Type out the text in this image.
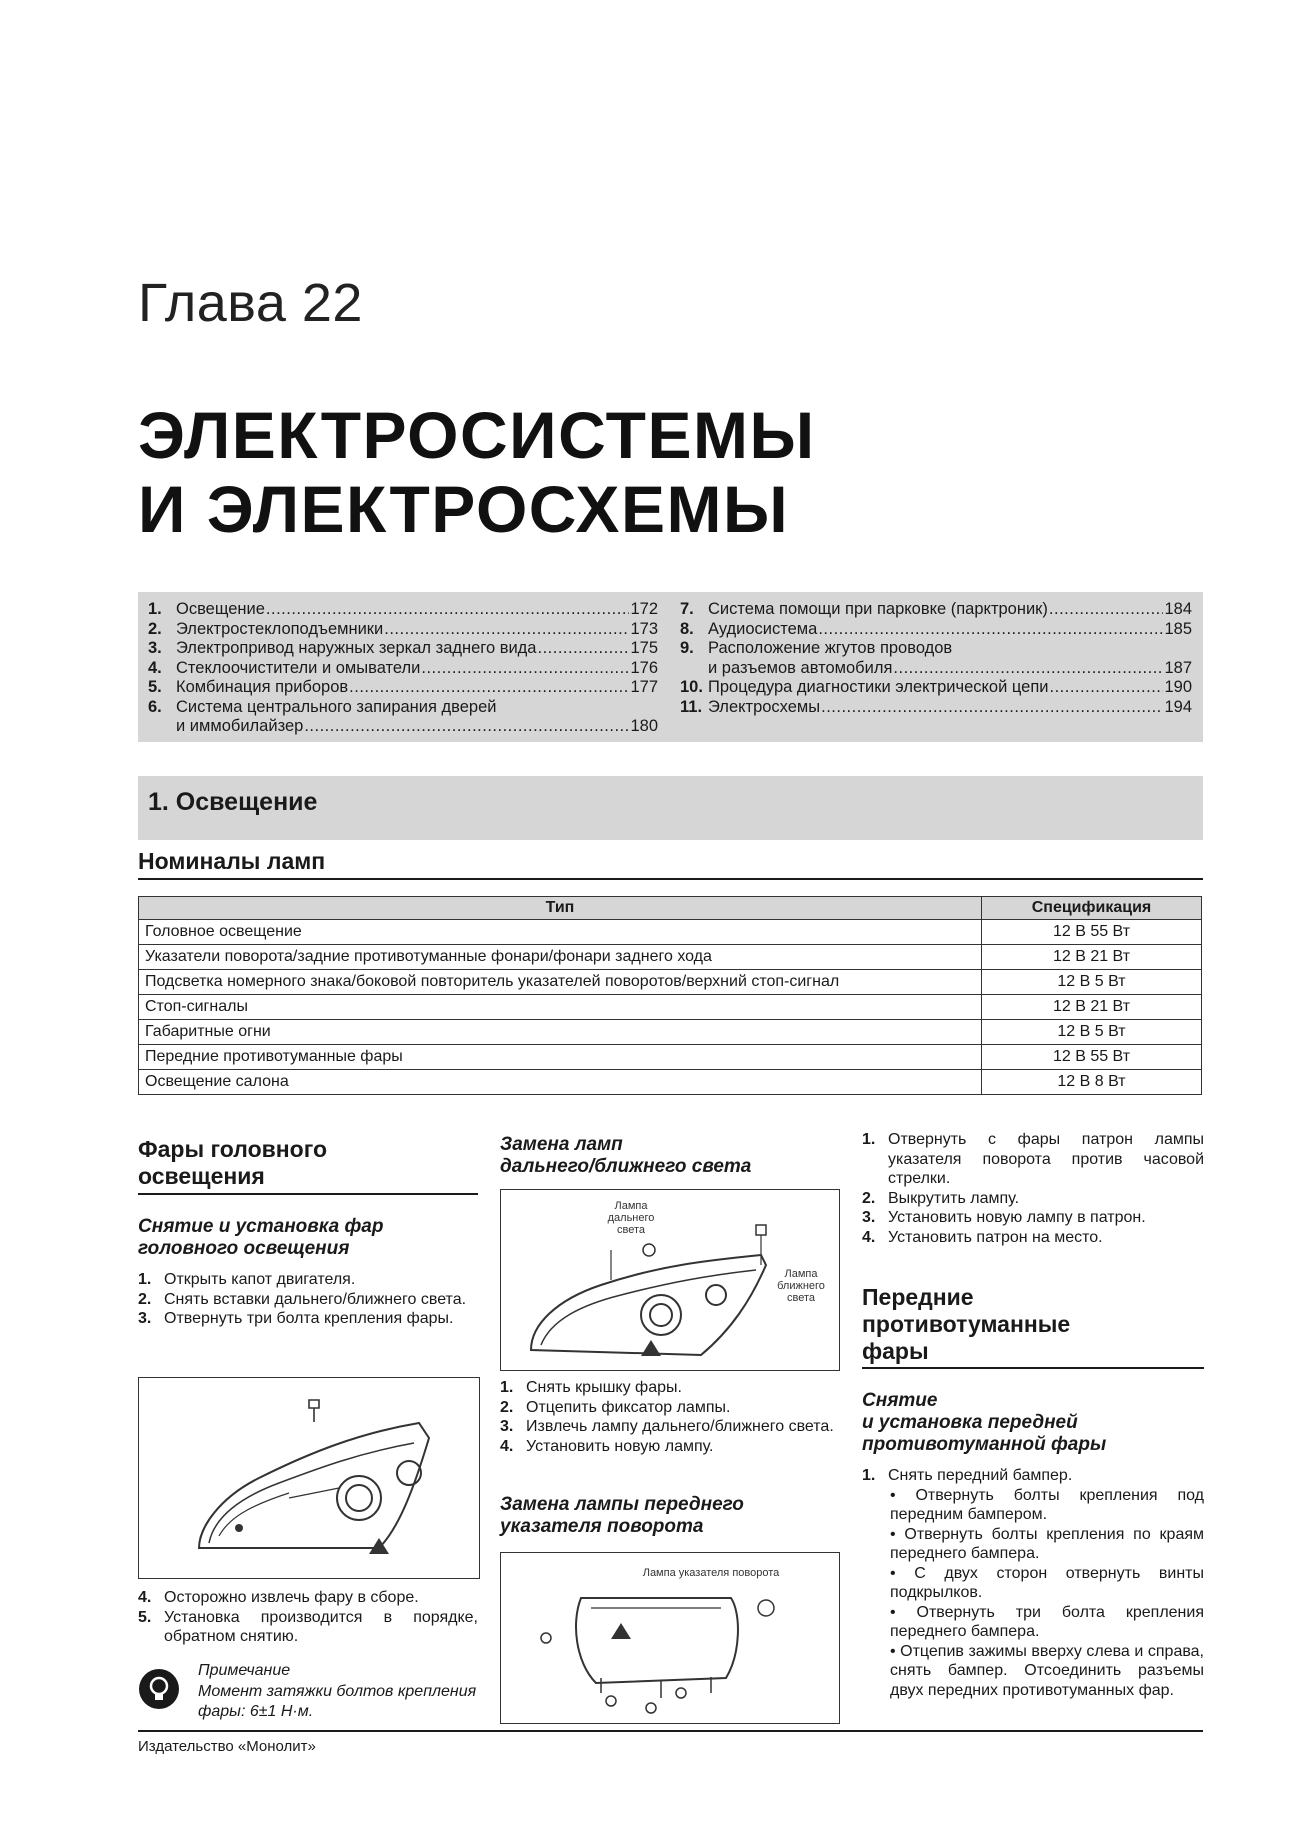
Глава 22
ЭЛЕКТРОСИСТЕМЫ
И ЭЛЕКТРОСХЕМЫ
1. Освещение .....	172
2. Электростеклоподъемники .....	173
3. Электропривод наружных зеркал заднего вида .....	175
4. Стеклоочистители и омыватели .....	176
5. Комбинация приборов .....	177
6. Система центрального запирания дверей
и иммобилайзер .....	180
7. Система помощи при парковке (парктроник) .....	184
8. Аудиосистема .....	185
9. Расположение жгутов проводов
и разъемов автомобиля .....	187
10. Процедура диагностики электрической цепи .....	190
11. Электросхемы .....	194
1. Освещение
Номиналы ламп
Тип	Спецификация
Головное освещение	12 В 55 Вт
Указатели поворота/задние противотуманные фонари/фонари заднего хода	12 В 21 Вт
Подсветка номерного знака/боковой повторитель указателей поворотов/верхний стоп-сигнал	12 В 5 Вт
Стоп-сигналы	12 В 21 Вт
Габаритные огни	12 В 5 Вт
Передние противотуманные фары	12 В 55 Вт
Освещение салона	12 В 8 Вт
Фары головного
освещения
Снятие и установка фар
головного освещения
1. Открыть капот двигателя.
2. Снять вставки дальнего/ближнего света.
3. Отвернуть три болта крепления фары.
4. Осторожно извлечь фару в сборе.
5. Установка производится в порядке, обратном снятию.
Примечание
Момент затяжки болтов крепления фары: 6±1 Н·м.
Замена ламп
дальнего/ближнего света
Лампа дальнего света
Лампа ближнего света
1. Снять крышку фары.
2. Отцепить фиксатор лампы.
3. Извлечь лампу дальнего/ближнего света.
4. Установить новую лампу.
Замена лампы переднего
указателя поворота
Лампа указателя поворота
1. Отвернуть с фары патрон лампы указателя поворота против часовой стрелки.
2. Выкрутить лампу.
3. Установить новую лампу в патрон.
4. Установить патрон на место.
Передние
противотуманные
фары
Снятие
и установка передней
противотуманной фары
1. Снять передний бампер.
• Отвернуть болты крепления под передним бампером.
• Отвернуть болты крепления по краям переднего бампера.
• С двух сторон отвернуть винты подкрылков.
• Отвернуть три болта крепления переднего бампера.
• Отцепив зажимы вверху слева и справа, снять бампер. Отсоединить разъемы двух передних противотуманных фар.
Издательство «Монолит»
